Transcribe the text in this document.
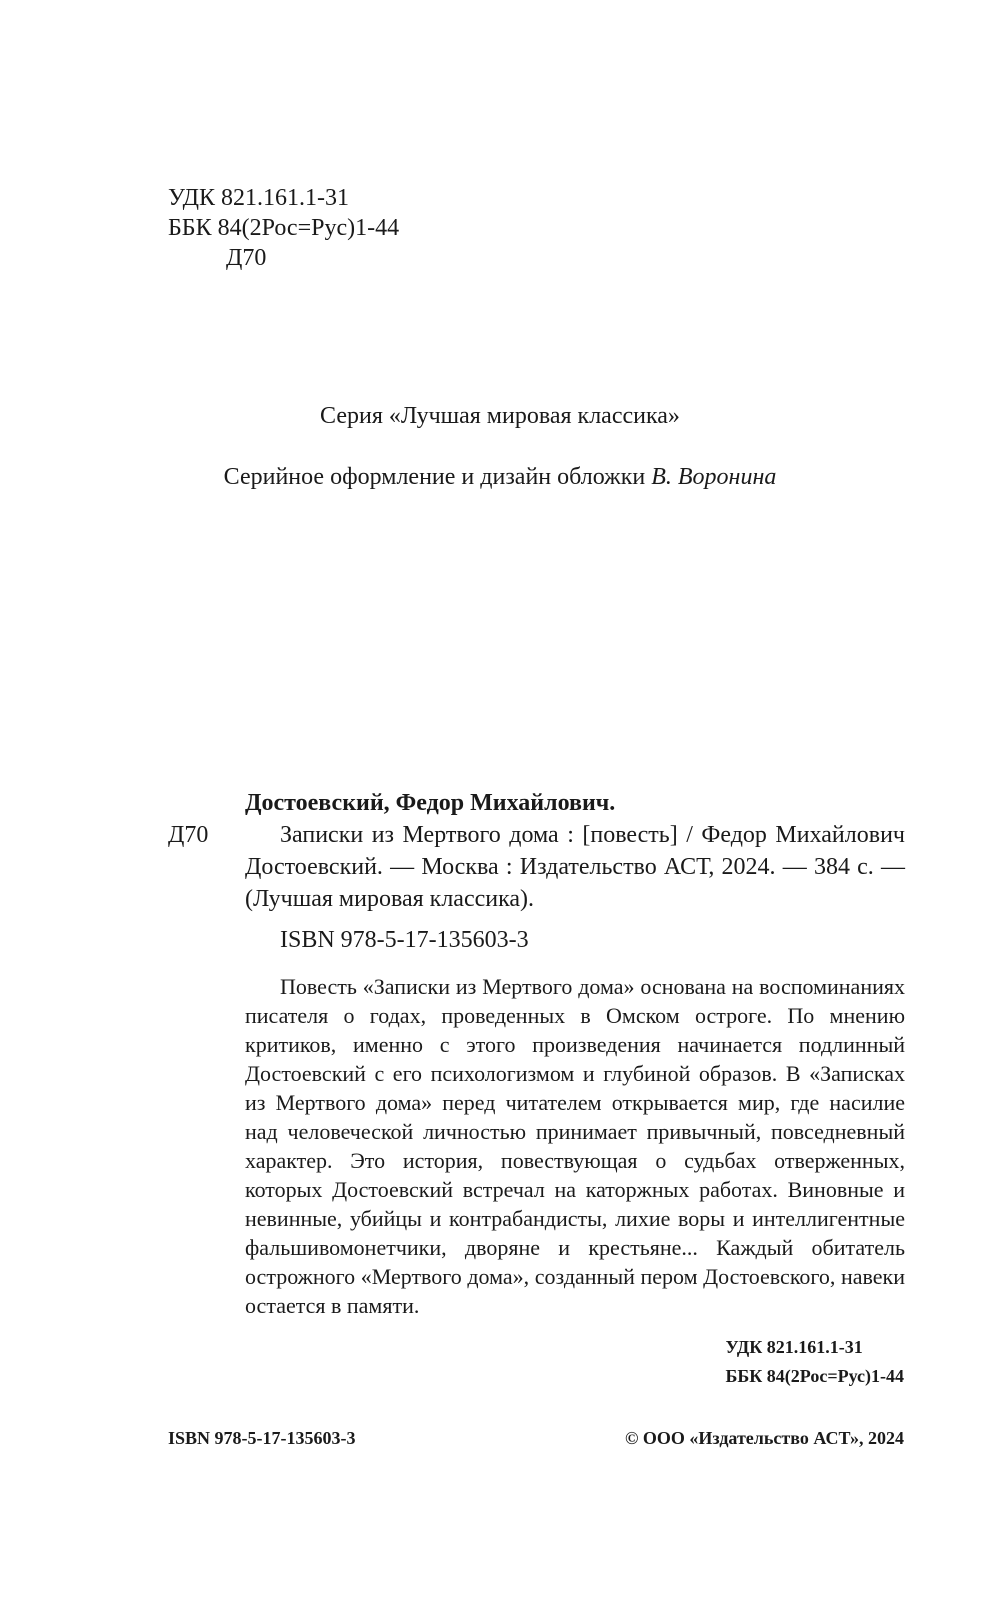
УДК 821.161.1-31
ББК 84(2Рос=Рус)1-44
Д70
Серия «Лучшая мировая классика»
Серийное оформление и дизайн обложки В. Воронина
Достоевский, Федор Михайлович.
Д70	Записки из Мертвого дома : [повесть] / Федор Михайлович Достоевский. — Москва : Издательство АСТ, 2024. — 384 с. — (Лучшая мировая классика).
ISBN 978-5-17-135603-3

Повесть «Записки из Мертвого дома» основана на воспоминаниях писателя о годах, проведенных в Омском остроге. По мнению критиков, именно с этого произведения начинается подлинный Достоевский с его психологизмом и глубиной образов. В «Записках из Мертвого дома» перед читателем открывается мир, где насилие над человеческой личностью принимает привычный, повседневный характер. Это история, повествующая о судьбах отверженных, которых Достоевский встречал на каторжных работах. Виновные и невинные, убийцы и контрабандисты, лихие воры и интеллигентные фальшивомонетчики, дворяне и крестьяне... Каждый обитатель острожного «Мертвого дома», созданный пером Достоевского, навеки остается в памяти.

УДК 821.161.1-31
ББК 84(2Рос=Рус)1-44
ISBN 978-5-17-135603-3	© ООО «Издательство АСТ», 2024
